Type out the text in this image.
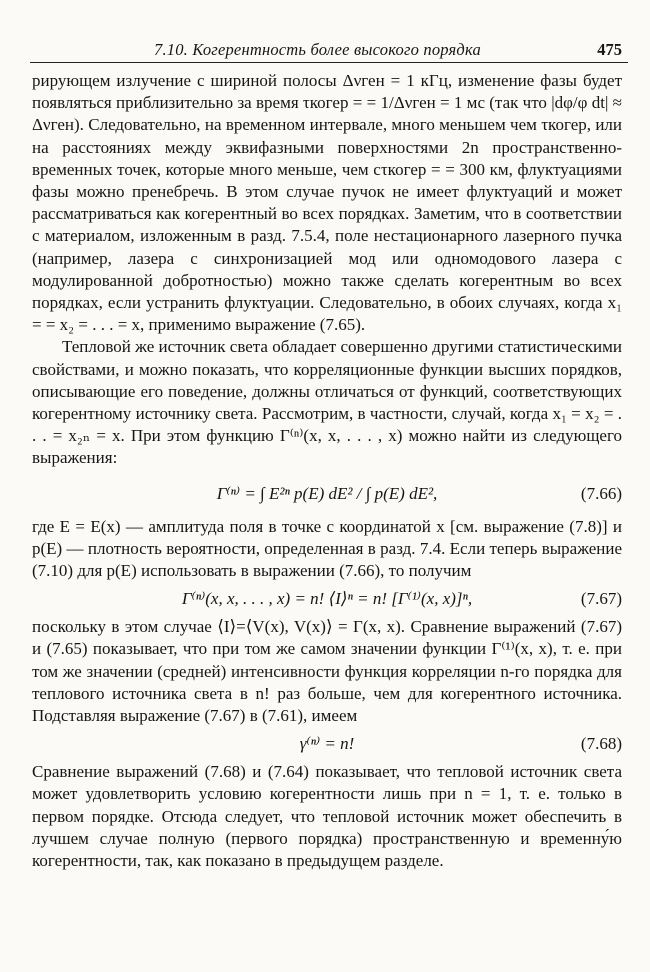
7.10. Когерентность более высокого порядка	475

рирующем излучение с шириной полосы Δνген = 1 кГц, изменение фазы будет появляться приблизительно за время τкогер = = 1/Δνген = 1 мс (так что |dφ/φ dt| ≈ Δνген). Следовательно, на временном интервале, много меньшем чем τкогер, или на расстояниях между эквифазными поверхностями 2n пространственно-временных точек, которые много меньше, чем cτкогер = = 300 км, флуктуациями фазы можно пренебречь. В этом случае пучок не имеет флуктуаций и может рассматриваться как когерентный во всех порядках. Заметим, что в соответствии с материалом, изложенным в разд. 7.5.4, поле нестационарного лазерного пучка (например, лазера с синхронизацией мод или одномодового лазера с модулированной добротностью) можно также сделать когерентным во всех порядках, если устранить флуктуации. Следовательно, в обоих случаях, когда x₁ = = x₂ = . . . = x, применимо выражение (7.65).

Тепловой же источник света обладает совершенно другими статистическими свойствами, и можно показать, что корреляционные функции высших порядков, описывающие его поведение, должны отличаться от функций, соответствующих когерентному источнику света. Рассмотрим, в частности, случай, когда x₁ = x₂ = . . . = x₂ₙ = x. При этом функцию Γ⁽ⁿ⁾(x, x, . . . , x) можно найти из следующего выражения:

Γ⁽ⁿ⁾ = ∫ E²ⁿ p(E) dE² / ∫ p(E) dE²,	(7.66)

где E = E(x) — амплитуда поля в точке с координатой x [см. выражение (7.8)] и p(E) — плотность вероятности, определенная в разд. 7.4. Если теперь выражение (7.10) для p(E) использовать в выражении (7.66), то получим

Γ⁽ⁿ⁾(x, x, . . . , x) = n! ⟨I⟩ⁿ = n! [Γ⁽¹⁾(x, x)]ⁿ,	(7.67)

поскольку в этом случае ⟨I⟩=⟨V(x), V(x)⟩ = Γ(x, x). Сравнение выражений (7.67) и (7.65) показывает, что при том же самом значении функции Γ⁽¹⁾(x, x), т. е. при том же значении (средней) интенсивности функция корреляции n-го порядка для теплового источника света в n! раз больше, чем для когерентного источника. Подставляя выражение (7.67) в (7.61), имеем

γ⁽ⁿ⁾ = n!	(7.68)

Сравнение выражений (7.68) и (7.64) показывает, что тепловой источник света может удовлетворить условию когерентности лишь при n = 1, т. е. только в первом порядке. Отсюда следует, что тепловой источник может обеспечить в лучшем случае полную (первого порядка) пространственную и временну́ю когерентности, так, как показано в предыдущем разделе.
